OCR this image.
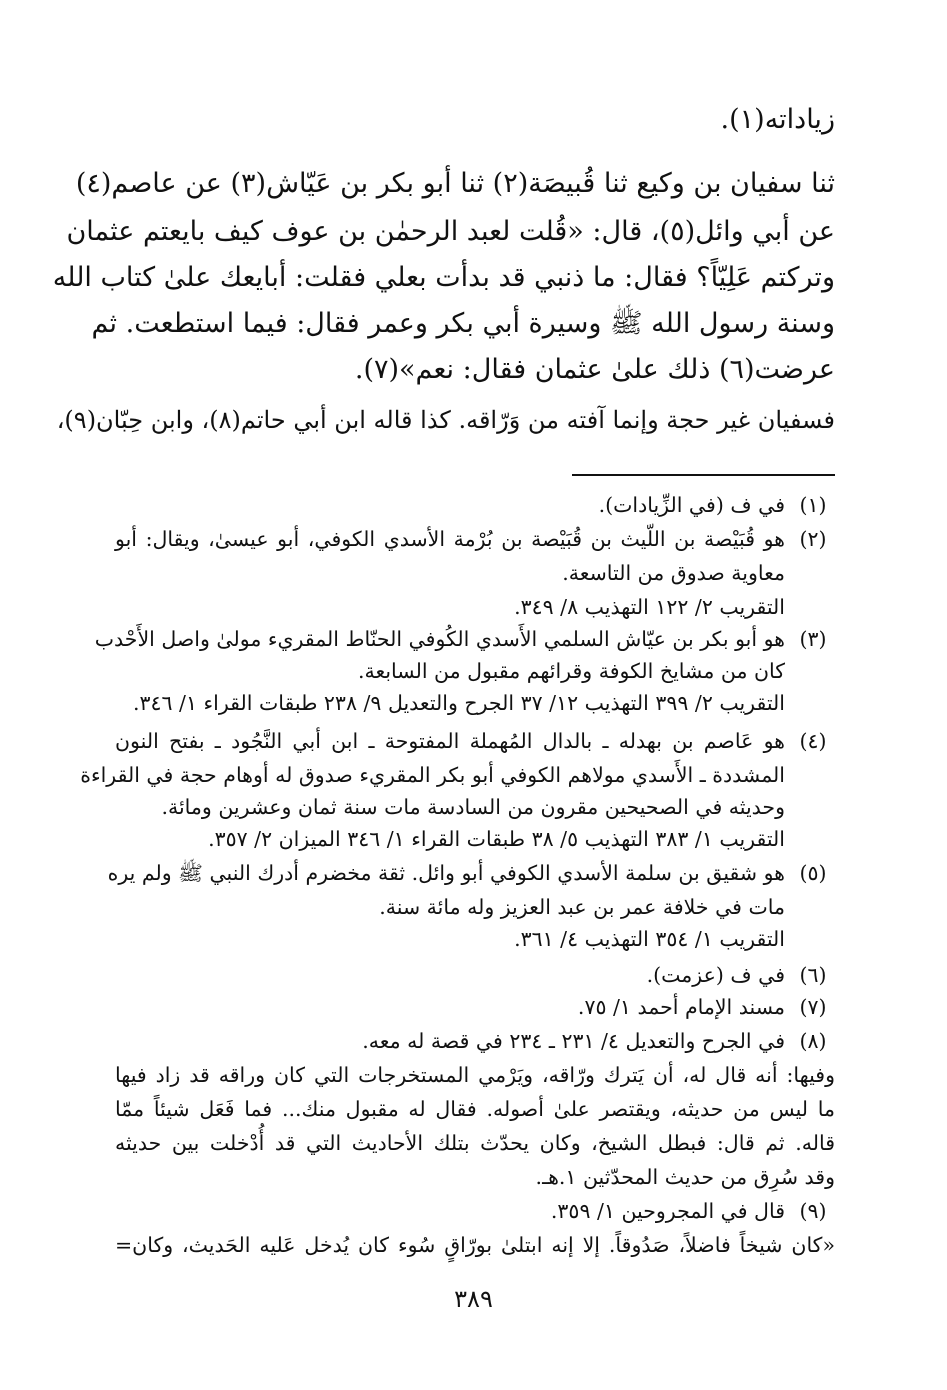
زياداته(١).
ثنا سفيان بن وكيع ثنا قُبيصَة(٢) ثنا أبو بكر بن عَيّاش(٣) عن عاصم(٤)
عن أبي وائل(٥)، قال: «قُلت لعبد الرحمٰن بن عوف كيف بايعتم عثمان
وتركتم عَلِيّاً؟ فقال: ما ذنبي قد بدأت بعلي فقلت: أبايعك علىٰ كتاب الله
وسنة رسول الله ﷺ وسيرة أبي بكر وعمر فقال: فيما استطعت. ثم
عرضت(٦) ذلك علىٰ عثمان فقال: نعم»(٧).
فسفيان غير حجة وإنما آفته من وَرّاقه. كذا قاله ابن أبي حاتم(٨)، وابن حِبّان(٩)،
(١)
في ف (في الزِّيادات).
(٢)
هو قُبَيْصة بن اللّيث بن قُبَيْصة بن بُرْمة الأسدي الكوفي، أبو عيسىٰ، ويقال: أبو
معاوية صدوق من التاسعة.
التقريب ٢/ ١٢٢ التهذيب ٨/ ٣٤٩.
(٣)
هو أبو بكر بن عيّاش السلمي الأَسدي الكُوفي الحنّاط المقريء مولىٰ واصل الأَحْدب
كان من مشايخ الكوفة وقرائهم مقبول من السابعة.
التقريب ٢/ ٣٩٩ التهذيب ١٢/ ٣٧ الجرح والتعديل ٩/ ٢٣٨ طبقات القراء ١/ ٣٤٦.
(٤)
هو عَاصم بن بهدله ـ بالدال المُهملة المفتوحة ـ ابن أبي النَّجُود ـ بفتح النون
المشددة ـ الأَسدي مولاهم الكوفي أبو بكر المقريء صدوق له أوهام حجة في القراءة
وحديثه في الصحيحين مقرون من السادسة مات سنة ثمان وعشرين ومائة.
التقريب ١/ ٣٨٣ التهذيب ٥/ ٣٨ طبقات القراء ١/ ٣٤٦ الميزان ٢/ ٣٥٧.
(٥)
هو شقيق بن سلمة الأسدي الكوفي أبو وائل. ثقة مخضرم أدرك النبي ﷺ ولم يره
مات في خلافة عمر بن عبد العزيز وله مائة سنة.
التقريب ١/ ٣٥٤ التهذيب ٤/ ٣٦١.
(٦)
في ف (عزمت).
(٧)
مسند الإمام أحمد ١/ ٧٥.
(٨)
في الجرح والتعديل ٤/ ٢٣١ ـ ٢٣٤ في قصة له معه.
وفيها: أنه قال له، أن يَترك ورّاقه، ويَرْمي المستخرجات التي كان وراقه قد زاد فيها
ما ليس من حديثه، ويقتصر علىٰ أصوله. فقال له مقبول منك... فما فَعَل شيئاً ممّا
قاله. ثم قال: فبطل الشيخ، وكان يحدّث بتلك الأحاديث التي قد أُدْخلت بين حديثه
وقد سُرِق من حديث المحدّثين ١.هـ.
(٩)
قال في المجروحين ١/ ٣٥٩.
«كان شيخاً فاضلاً، صَدُوقاً. إلا إنه ابتلىٰ بورّاقٍ سُوء كان يُدخل عَليه الحَديث، وكان=
٣٨٩
